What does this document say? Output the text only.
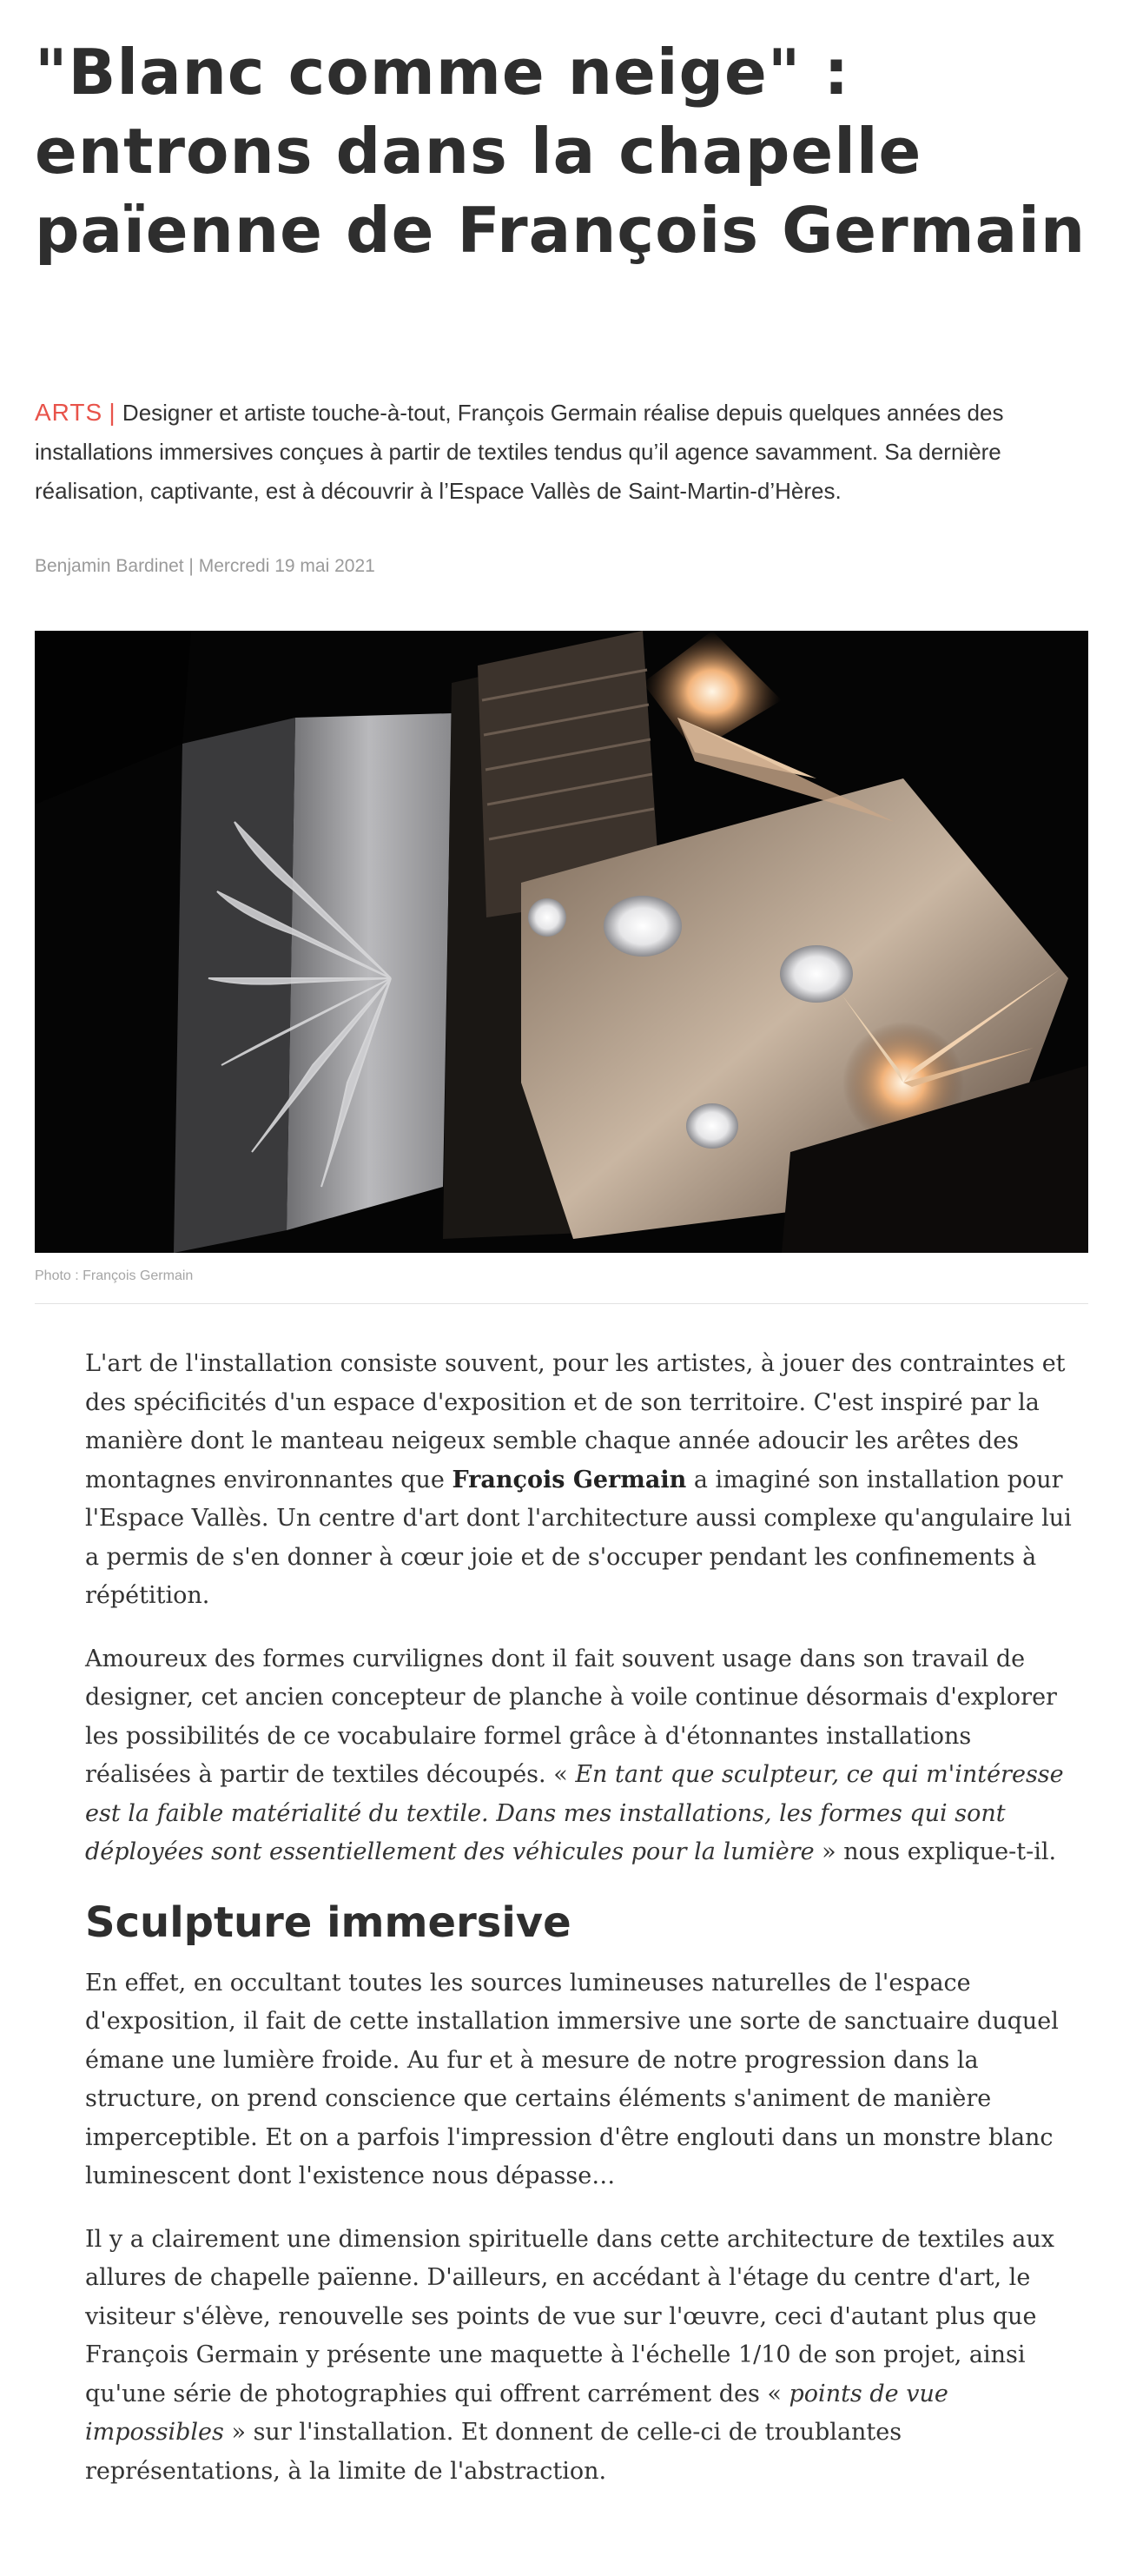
"Blanc comme neige" : entrons dans la chapelle païenne de François Germain
ARTS | Designer et artiste touche-à-tout, François Germain réalise depuis quelques années des installations immersives conçues à partir de textiles tendus qu’il agence savamment. Sa dernière réalisation, captivante, est à découvrir à l’Espace Vallès de Saint-Martin-d’Hères.
Benjamin Bardinet | Mercredi 19 mai 2021
Photo : François Germain

L'art de l'installation consiste souvent, pour les artistes, à jouer des contraintes et des spécificités d'un espace d'exposition et de son territoire. C'est inspiré par la manière dont le manteau neigeux semble chaque année adoucir les arêtes des montagnes environnantes que François Germain a imaginé son installation pour l'Espace Vallès. Un centre d'art dont l'architecture aussi complexe qu'angulaire lui a permis de s'en donner à cœur joie et de s'occuper pendant les confinements à répétition.

Amoureux des formes curvilignes dont il fait souvent usage dans son travail de designer, cet ancien concepteur de planche à voile continue désormais d'explorer les possibilités de ce vocabulaire formel grâce à d'étonnantes installations réalisées à partir de textiles découpés. « En tant que sculpteur, ce qui m'intéresse est la faible matérialité du textile. Dans mes installations, les formes qui sont déployées sont essentiellement des véhicules pour la lumière » nous explique-t-il.

Sculpture immersive

En effet, en occultant toutes les sources lumineuses naturelles de l'espace d'exposition, il fait de cette installation immersive une sorte de sanctuaire duquel émane une lumière froide. Au fur et à mesure de notre progression dans la structure, on prend conscience que certains éléments s'animent de manière imperceptible. Et on a parfois l'impression d'être englouti dans un monstre blanc luminescent dont l'existence nous dépasse…

Il y a clairement une dimension spirituelle dans cette architecture de textiles aux allures de chapelle païenne. D'ailleurs, en accédant à l'étage du centre d'art, le visiteur s'élève, renouvelle ses points de vue sur l'œuvre, ceci d'autant plus que François Germain y présente une maquette à l'échelle 1/10 de son projet, ainsi qu'une série de photographies qui offrent carrément des « points de vue impossibles » sur l'installation. Et donnent de celle-ci de troublantes représentations, à la limite de l'abstraction.
